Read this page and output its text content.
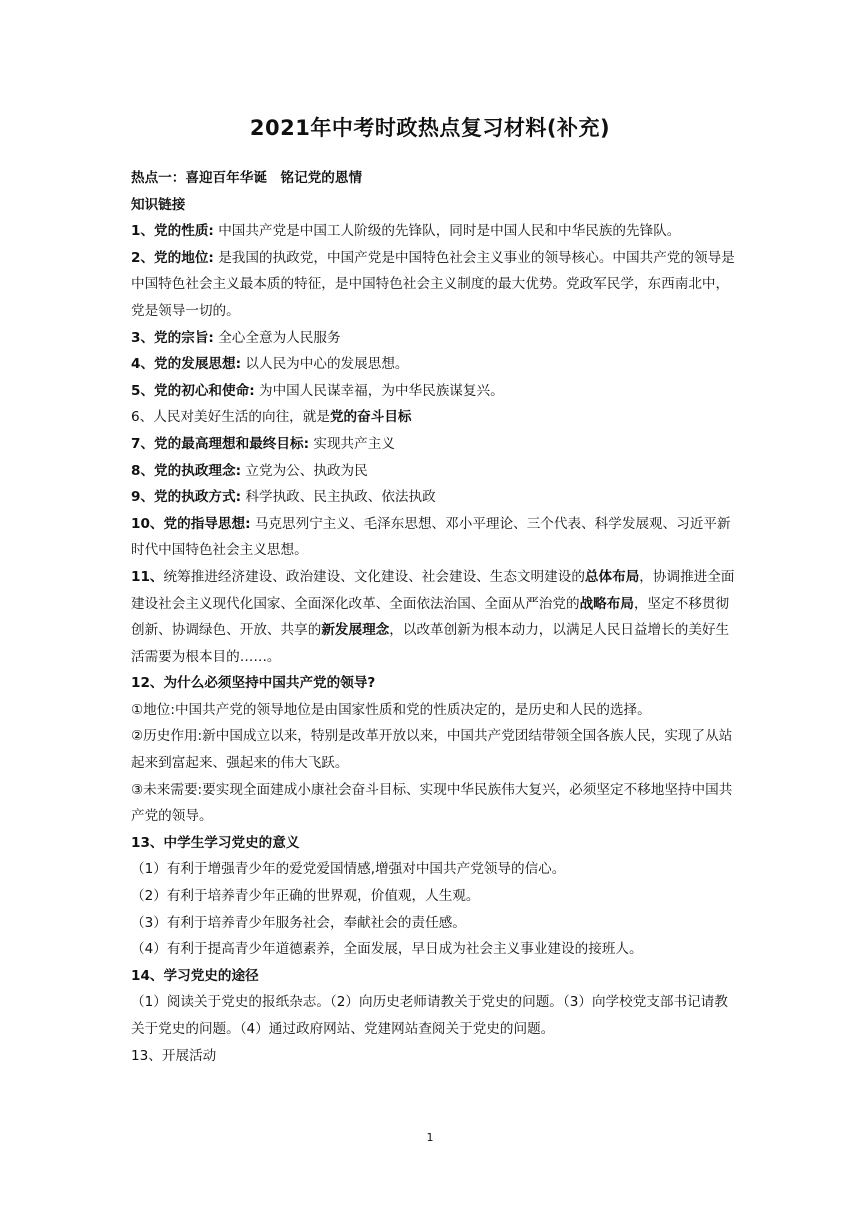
2021年中考时政热点复习材料(补充)

热点一：喜迎百年华诞　铭记党的恩情

知识链接

1、党的性质: 中国共产党是中国工人阶级的先锋队，同时是中国人民和中华民族的先锋队。

2、党的地位: 是我国的执政党，中国产党是中国特色社会主义事业的领导核心。中国共产党的领导是中国特色社会主义最本质的特征，是中国特色社会主义制度的最大优势。党政军民学，东西南北中，党是领导一切的。

3、党的宗旨: 全心全意为人民服务

4、党的发展思想: 以人民为中心的发展思想。

5、党的初心和使命: 为中国人民谋幸福，为中华民族谋复兴。

6、人民对美好生活的向往，就是党的奋斗目标

7、党的最高理想和最终目标: 实现共产主义

8、党的执政理念: 立党为公、执政为民

9、党的执政方式: 科学执政、民主执政、依法执政

10、党的指导思想: 马克思列宁主义、毛泽东思想、邓小平理论、三个代表、科学发展观、习近平新时代中国特色社会主义思想。

11、统筹推进经济建设、政治建设、文化建设、社会建设、生态文明建设的总体布局，协调推进全面建设社会主义现代化国家、全面深化改革、全面依法治国、全面从严治党的战略布局，坚定不移贯彻创新、协调绿色、开放、共享的新发展理念，以改革创新为根本动力，以满足人民日益增长的美好生活需要为根本目的……。

12、为什么必须坚持中国共产党的领导?

①地位:中国共产党的领导地位是由国家性质和党的性质决定的，是历史和人民的选择。

②历史作用:新中国成立以来，特别是改革开放以来，中国共产党团结带领全国各族人民，实现了从站起来到富起来、强起来的伟大飞跃。

③未来需要:要实现全面建成小康社会奋斗目标、实现中华民族伟大复兴，必须坚定不移地坚持中国共产党的领导。

13、中学生学习党史的意义

（1）有利于增强青少年的爱党爱国情感,增强对中国共产党领导的信心。

（2）有利于培养青少年正确的世界观，价值观，人生观。

（3）有利于培养青少年服务社会，奉献社会的责任感。

（4）有利于提高青少年道德素养，全面发展，早日成为社会主义事业建设的接班人。

14、学习党史的途径

（1）阅读关于党史的报纸杂志。（2）向历史老师请教关于党史的问题。（3）向学校党支部书记请教关于党史的问题。（4）通过政府网站、党建网站查阅关于党史的问题。

13、开展活动

1
